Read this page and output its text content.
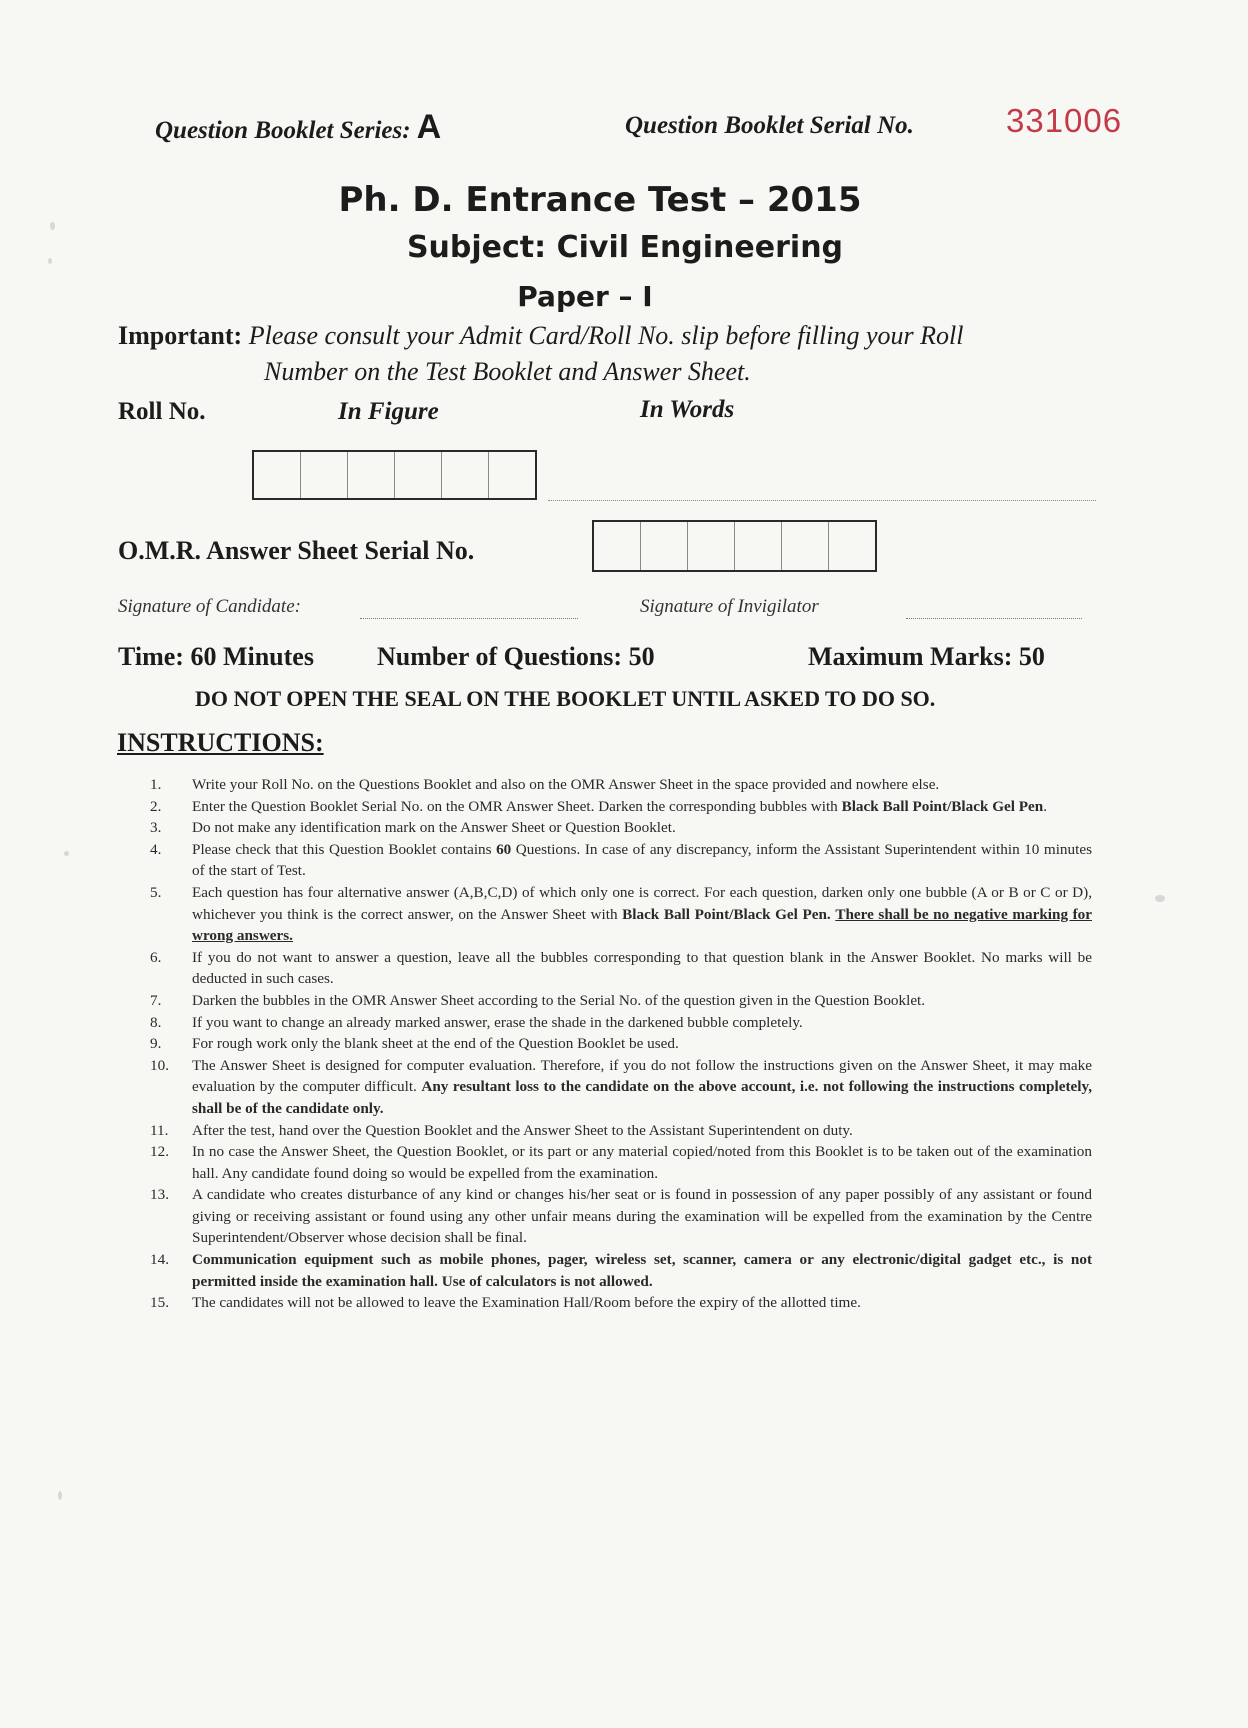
Question Booklet Series: A	Question Booklet Serial No.	331006
Ph. D. Entrance Test – 2015
Subject: Civil Engineering
Paper – I
Important: Please consult your Admit Card/Roll No. slip before filling your Roll
Number on the Test Booklet and Answer Sheet.
Roll No.	In Figure	In Words
O.M.R. Answer Sheet Serial No.
Signature of Candidate:	Signature of Invigilator
Time: 60 Minutes Number of Questions: 50	Maximum Marks: 50
DO NOT OPEN THE SEAL ON THE BOOKLET UNTIL ASKED TO DO SO.
INSTRUCTIONS:
1.	Write your Roll No. on the Questions Booklet and also on the OMR Answer Sheet in the space provided and nowhere else.
2.	Enter the Question Booklet Serial No. on the OMR Answer Sheet. Darken the corresponding bubbles with Black Ball Point/Black Gel Pen.
3.	Do not make any identification mark on the Answer Sheet or Question Booklet.
4.	Please check that this Question Booklet contains 60 Questions. In case of any discrepancy, inform the Assistant Superintendent within 10 minutes of the start of Test.
5.	Each question has four alternative answer (A,B,C,D) of which only one is correct. For each question, darken only one bubble (A or B or C or D), whichever you think is the correct answer, on the Answer Sheet with Black Ball Point/Black Gel Pen. There shall be no negative marking for wrong answers.
6.	If you do not want to answer a question, leave all the bubbles corresponding to that question blank in the Answer Booklet. No marks will be deducted in such cases.
7.	Darken the bubbles in the OMR Answer Sheet according to the Serial No. of the question given in the Question Booklet.
8.	If you want to change an already marked answer, erase the shade in the darkened bubble completely.
9.	For rough work only the blank sheet at the end of the Question Booklet be used.
10.	The Answer Sheet is designed for computer evaluation. Therefore, if you do not follow the instructions given on the Answer Sheet, it may make evaluation by the computer difficult. Any resultant loss to the candidate on the above account, i.e. not following the instructions completely, shall be of the candidate only.
11.	After the test, hand over the Question Booklet and the Answer Sheet to the Assistant Superintendent on duty.
12.	In no case the Answer Sheet, the Question Booklet, or its part or any material copied/noted from this Booklet is to be taken out of the examination hall. Any candidate found doing so would be expelled from the examination.
13.	A candidate who creates disturbance of any kind or changes his/her seat or is found in possession of any paper possibly of any assistant or found giving or receiving assistant or found using any other unfair means during the examination will be expelled from the examination by the Centre Superintendent/Observer whose decision shall be final.
14.	Communication equipment such as mobile phones, pager, wireless set, scanner, camera or any electronic/digital gadget etc., is not permitted inside the examination hall. Use of calculators is not allowed.
15.	The candidates will not be allowed to leave the Examination Hall/Room before the expiry of the allotted time.
